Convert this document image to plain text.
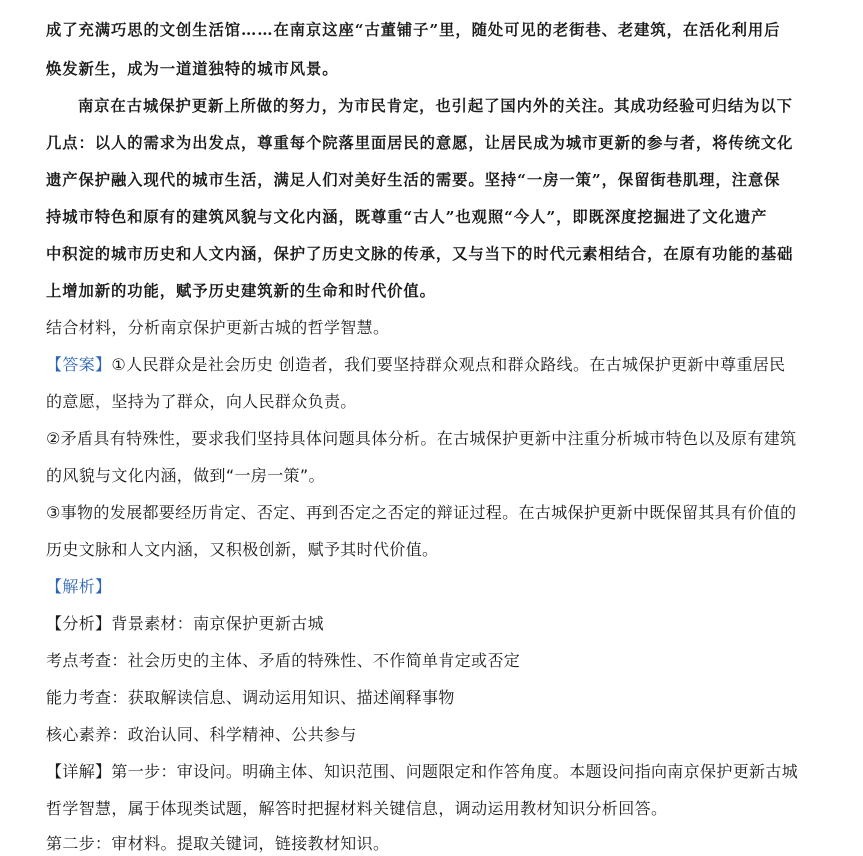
成了充满巧思的文创生活馆……在南京这座“古董铺子”里，随处可见的老街巷、老建筑，在活化利用后
焕发新生，成为一道道独特的城市风景。
南京在古城保护更新上所做的努力，为市民肯定，也引起了国内外的关注。其成功经验可归结为以下
几点：以人的需求为出发点，尊重每个院落里面居民的意愿，让居民成为城市更新的参与者，将传统文化
遗产保护融入现代的城市生活，满足人们对美好生活的需要。坚持“一房一策”，保留街巷肌理，注意保
持城市特色和原有的建筑风貌与文化内涵，既尊重“古人”也观照“今人”，即既深度挖掘进了文化遗产
中积淀的城市历史和人文内涵，保护了历史文脉的传承，又与当下的时代元素相结合，在原有功能的基础
上增加新的功能，赋予历史建筑新的生命和时代价值。
结合材料，分析南京保护更新古城的哲学智慧。
【答案】①人民群众是社会历史 创造者，我们要坚持群众观点和群众路线。在古城保护更新中尊重居民
的意愿，坚持为了群众，向人民群众负责。
②矛盾具有特殊性，要求我们坚持具体问题具体分析。在古城保护更新中注重分析城市特色以及原有建筑
的风貌与文化内涵，做到“一房一策”。
③事物的发展都要经历肯定、否定、再到否定之否定的辩证过程。在古城保护更新中既保留其具有价值的
历史文脉和人文内涵，又积极创新，赋予其时代价值。
【解析】
【分析】背景素材：南京保护更新古城
考点考查：社会历史的主体、矛盾的特殊性、不作简单肯定或否定
能力考查：获取解读信息、调动运用知识、描述阐释事物
核心素养：政治认同、科学精神、公共参与
【详解】第一步：审设问。明确主体、知识范围、问题限定和作答角度。本题设问指向南京保护更新古城
哲学智慧，属于体现类试题，解答时把握材料关键信息，调动运用教材知识分析回答。
第二步：审材料。提取关键词，链接教材知识。
